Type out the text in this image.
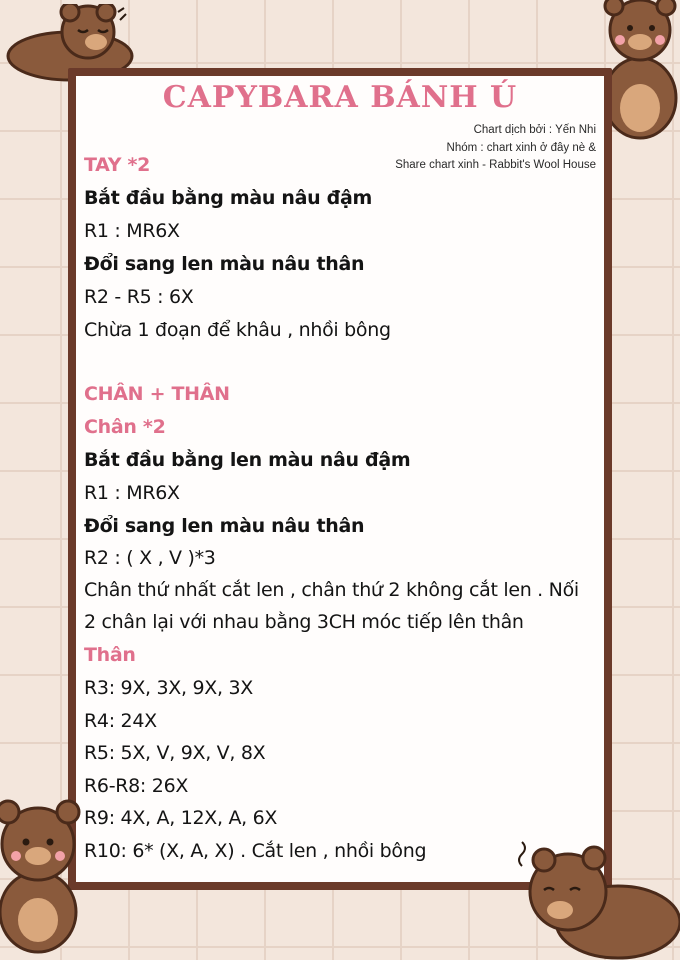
CAPYBARA BÁNH Ú
Chart dịch bởi : Yến Nhi
Nhóm : chart xinh ở đây nè &
Share chart xinh - Rabbit's Wool House
TAY *2
Bắt đầu bằng màu nâu đậm
R1 : MR6X
Đổi sang len màu nâu thân
R2 - R5 : 6X
Chừa 1 đoạn để khâu , nhồi bông
CHÂN + THÂN
Chân *2
Bắt đầu bằng len màu nâu đậm
R1 : MR6X
Đổi sang len màu nâu thân
R2 : ( X , V )*3
Chân thứ nhất cắt len , chân thứ 2 không cắt len . Nối
2 chân lại với nhau bằng 3CH móc tiếp lên thân
Thân
R3: 9X, 3X, 9X, 3X
R4: 24X
R5: 5X, V, 9X, V, 8X
R6-R8: 26X
R9: 4X, A, 12X, A, 6X
R10: 6* (X, A, X) . Cắt len , nhồi bông
